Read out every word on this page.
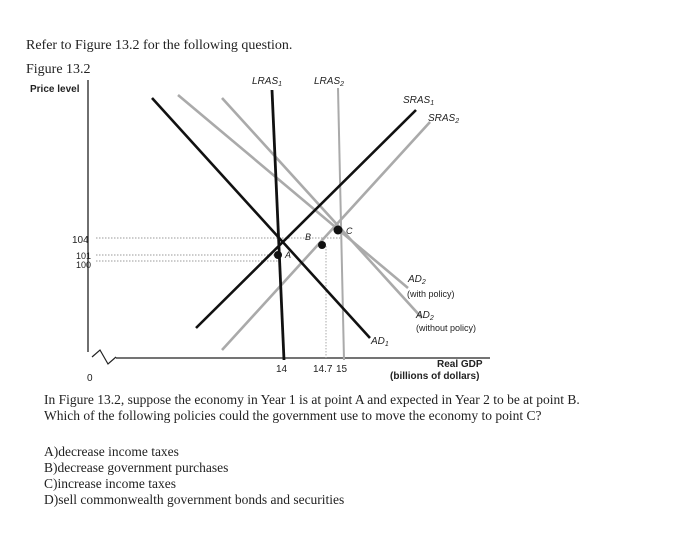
Refer to Figure 13.2 for the following question.
Figure 13.2
Price level
104
101
100
0
14	14.7 15	Real GDP
(billions of dollars)
$LRAS_1$	$LRAS_2$
$SRAS_1$
$SRAS_2$
$AD_1$
$AD_2$
(with policy)
$AD_2$
(without policy)
A
B
C
In Figure 13.2, suppose the economy in Year 1 is at point A and expected in Year 2 to be at point B.
Which of the following policies could the government use to move the economy to point C?
A)decrease income taxes
B)decrease government purchases
C)increase income taxes
D)sell commonwealth government bonds and securities
